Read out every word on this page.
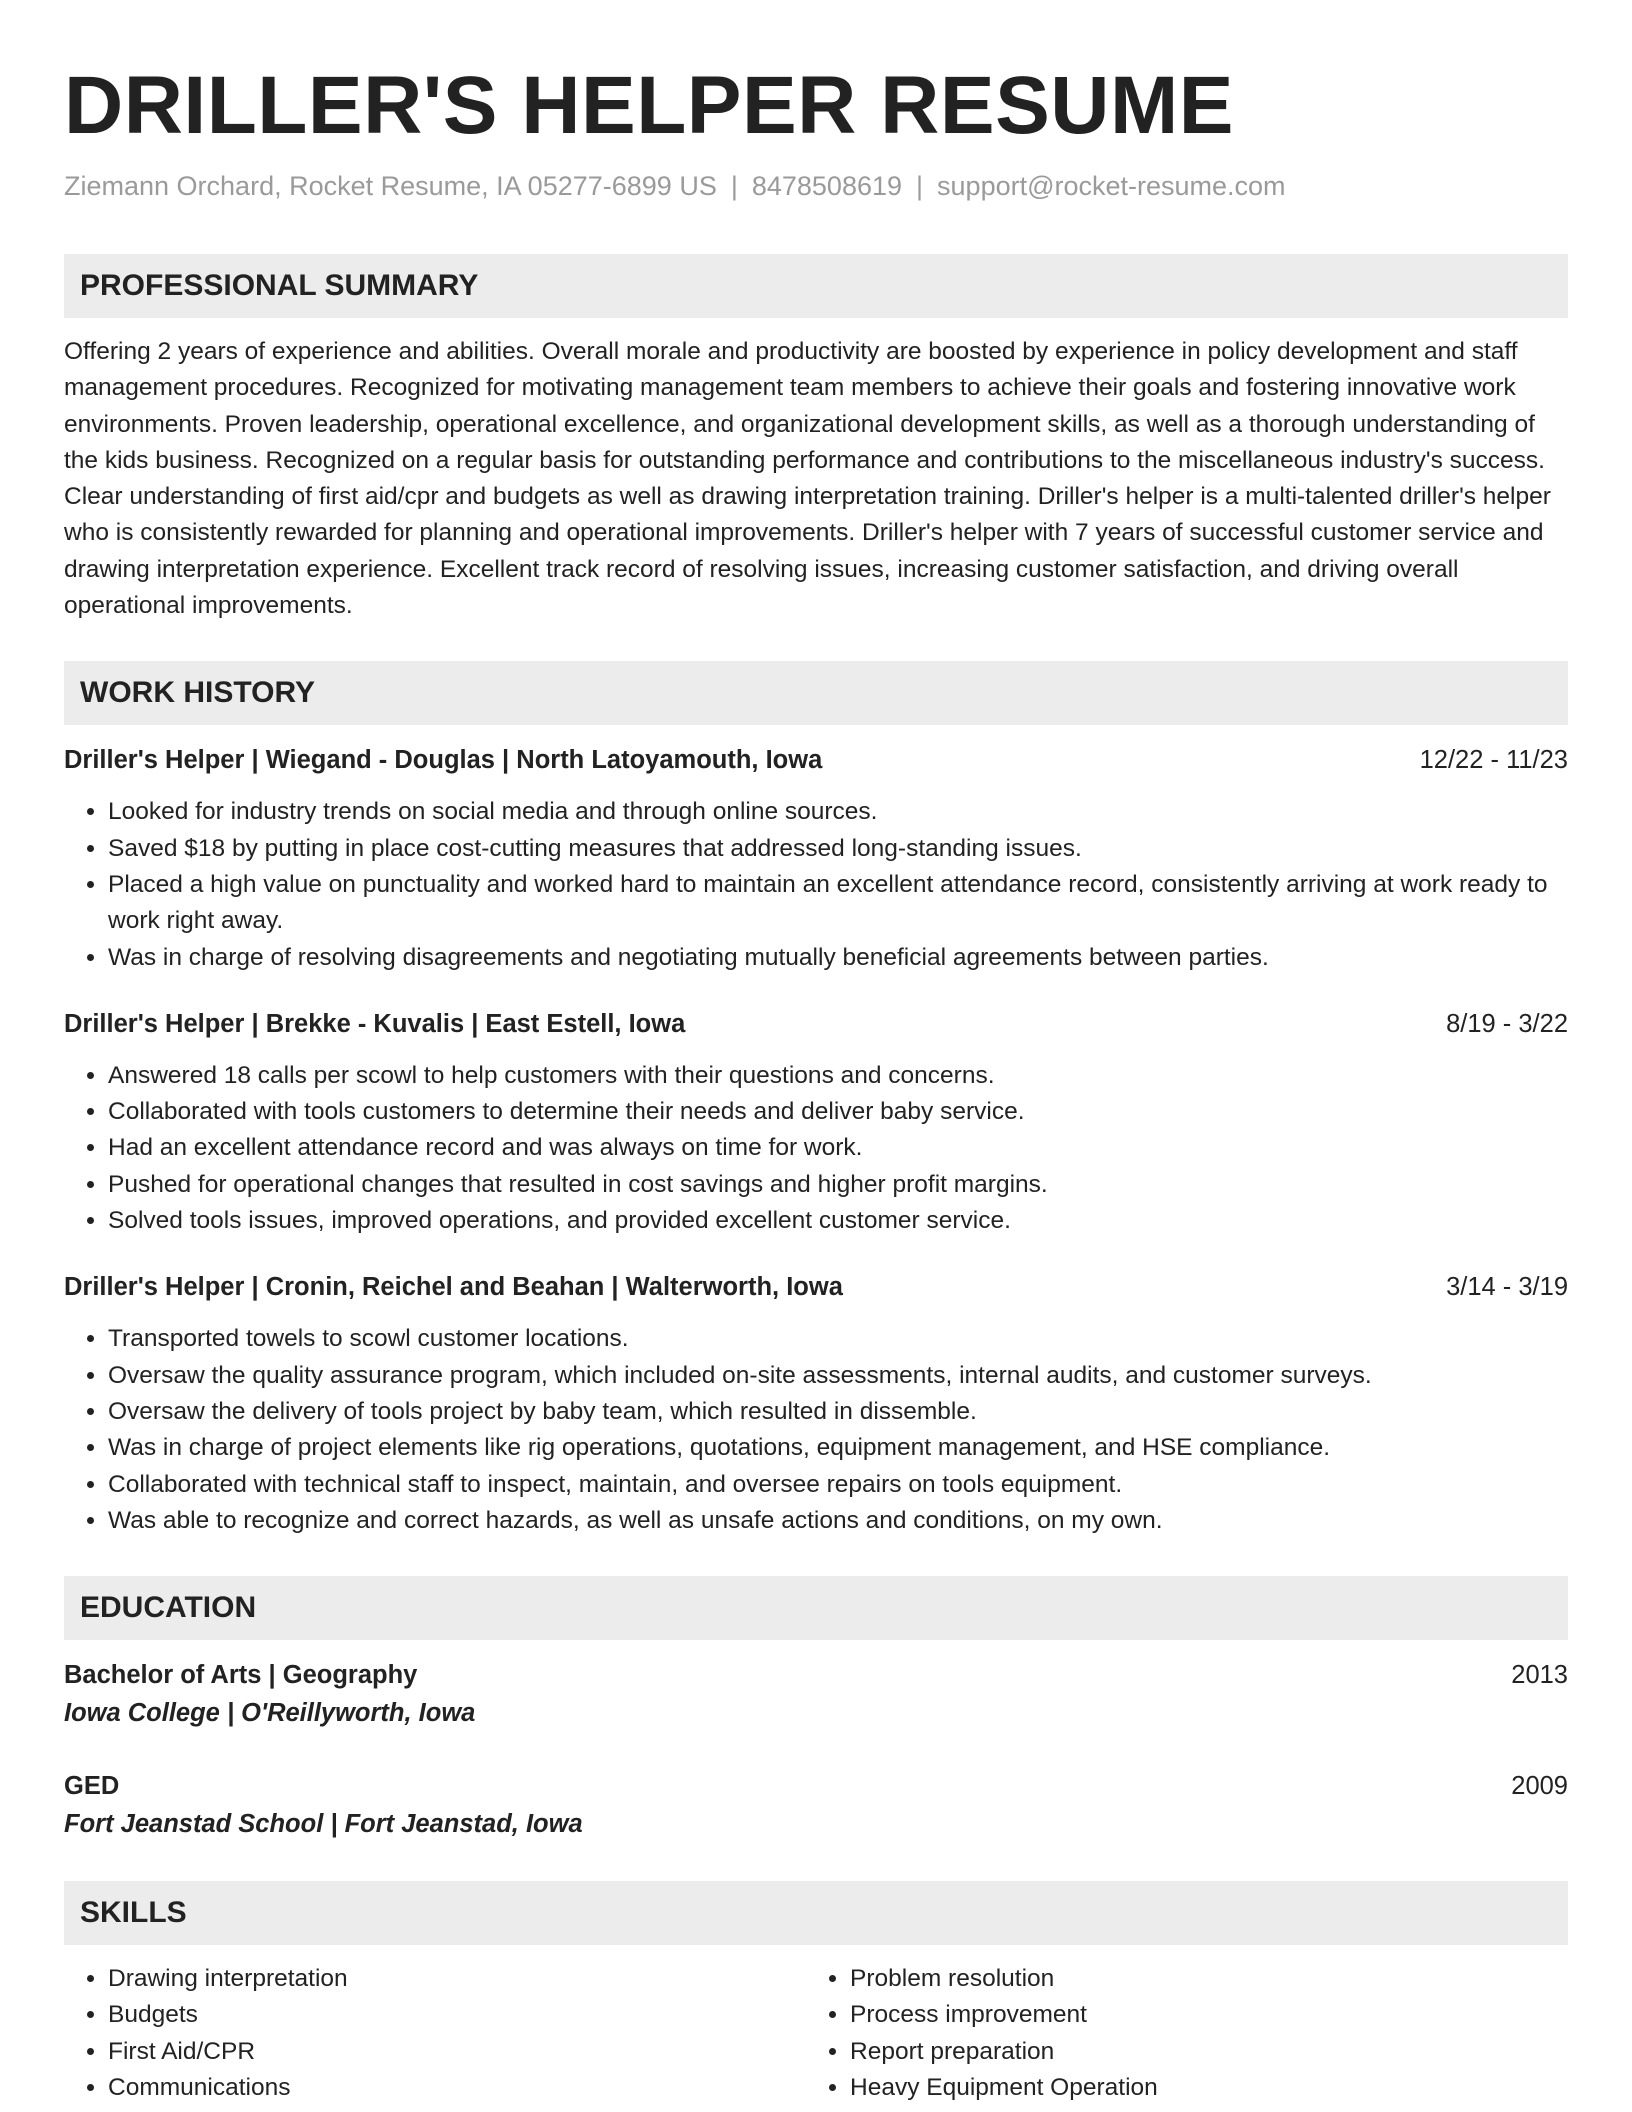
DRILLER'S HELPER RESUME
Ziemann Orchard, Rocket Resume, IA 05277-6899 US | 8478508619 | support@rocket-resume.com
PROFESSIONAL SUMMARY

Offering 2 years of experience and abilities. Overall morale and productivity are boosted by experience in policy development and staff management procedures. Recognized for motivating management team members to achieve their goals and fostering innovative work environments. Proven leadership, operational excellence, and organizational development skills, as well as a thorough understanding of the kids business. Recognized on a regular basis for outstanding performance and contributions to the miscellaneous industry's success. Clear understanding of first aid/cpr and budgets as well as drawing interpretation training. Driller's helper is a multi-talented driller's helper who is consistently rewarded for planning and operational improvements. Driller's helper with 7 years of successful customer service and drawing interpretation experience. Excellent track record of resolving issues, increasing customer satisfaction, and driving overall operational improvements.

WORK HISTORY
Driller's Helper | Wiegand - Douglas | North Latoyamouth, Iowa	12/22 - 11/23
• Looked for industry trends on social media and through online sources.
• Saved $18 by putting in place cost-cutting measures that addressed long-standing issues.
• Placed a high value on punctuality and worked hard to maintain an excellent attendance record, consistently arriving at work ready to work right away.
• Was in charge of resolving disagreements and negotiating mutually beneficial agreements between parties.
Driller's Helper | Brekke - Kuvalis | East Estell, Iowa	8/19 - 3/22
• Answered 18 calls per scowl to help customers with their questions and concerns.
• Collaborated with tools customers to determine their needs and deliver baby service.
• Had an excellent attendance record and was always on time for work.
• Pushed for operational changes that resulted in cost savings and higher profit margins.
• Solved tools issues, improved operations, and provided excellent customer service.
Driller's Helper | Cronin, Reichel and Beahan | Walterworth, Iowa	3/14 - 3/19
• Transported towels to scowl customer locations.
• Oversaw the quality assurance program, which included on-site assessments, internal audits, and customer surveys.
• Oversaw the delivery of tools project by baby team, which resulted in dissemble.
• Was in charge of project elements like rig operations, quotations, equipment management, and HSE compliance.
• Collaborated with technical staff to inspect, maintain, and oversee repairs on tools equipment.
• Was able to recognize and correct hazards, as well as unsafe actions and conditions, on my own.
EDUCATION
Bachelor of Arts | Geography	2013
Iowa College | O'Reillyworth, Iowa
GED	2009
Fort Jeanstad School | Fort Jeanstad, Iowa
SKILLS
• Drawing interpretation
• Budgets
• First Aid/CPR
• Communications
• Problem resolution
• Process improvement
• Report preparation
• Heavy Equipment Operation
